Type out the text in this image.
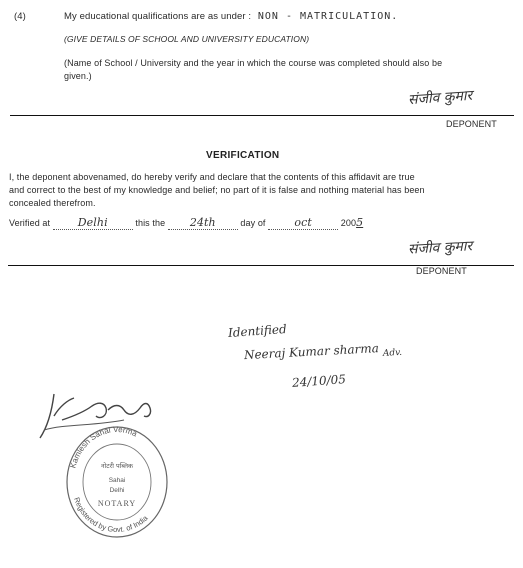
(4)	My educational qualifications are as under : NON - MATRICULATION.
(GIVE DETAILS OF SCHOOL AND UNIVERSITY EDUCATION)
(Name of School / University and the year in which the course was completed should also be
given.)
संजीव कुमार
DEPONENT
VERIFICATION
I, the deponent abovenamed, do hereby verify and declare that the contents of this affidavit are true
and correct to the best of my knowledge and belief; no part of it is false and nothing material has been
concealed therefrom.
Verified at	Delhi	this the 24th	day of	oct	2005
संजीव कुमार
DEPONENT
Identified
Neeraj Kumar sharma $_{Adv.}$
24/10/05
Kamlesh Sahai Verma
Registered by Govt. of India
नोटरी पब्लिक
Sahai
Delhi
NOTARY
